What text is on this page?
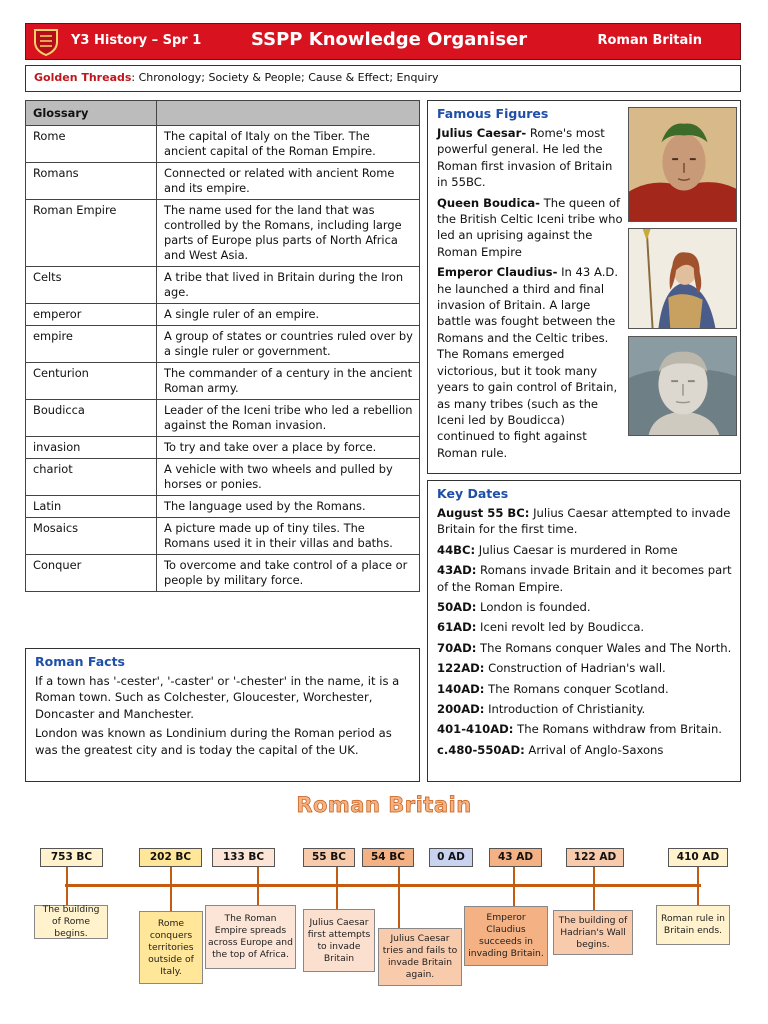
Y3 History – Spr 1	SSPP Knowledge Organiser	Roman Britain
Golden Threads: Chronology; Society & People; Cause & Effect; Enquiry
Glossary	
Rome	The capital of Italy on the Tiber. The ancient capital of the Roman Empire.
Romans	Connected or related with ancient Rome and its empire.
Roman Empire	The name used for the land that was controlled by the Romans, including large parts of Europe plus parts of North Africa and West Asia.
Celts	A tribe that lived in Britain during the Iron age.
emperor	A single ruler of an empire.
empire	A group of states or countries ruled over by a single ruler or government.
Centurion	The commander of a century in the ancient Roman army.
Boudicca	Leader of the Iceni tribe who led a rebellion against the Roman invasion.
invasion	To try and take over a place by force.
chariot	A vehicle with two wheels and pulled by horses or ponies.
Latin	The language used by the Romans.
Mosaics	A picture made up of tiny tiles. The Romans used it in their villas and baths.
Conquer	To overcome and take control of a place or people by military force.
Famous Figures

Julius Caesar- Rome's most powerful general. He led the Roman first invasion of Britain in 55BC.

Queen Boudica- The queen of the British Celtic Iceni tribe who led an uprising against the Roman Empire

Emperor Claudius- In 43 A.D. he launched a third and final invasion of Britain. A large battle was fought between the Romans and the Celtic tribes. The Romans emerged victorious, but it took many years to gain control of Britain, as many tribes (such as the Iceni led by Boudicca) continued to fight against Roman rule.

Roman Facts

If a town has '-cester', '-caster' or '-chester' in the name, it is a Roman town. Such as Colchester, Gloucester, Worchester, Doncaster and Manchester.

London was known as Londinium during the Roman period as was the greatest city and is today the capital of the UK.

Key Dates

August 55 BC: Julius Caesar attempted to invade Britain for the first time.

44BC: Julius Caesar is murdered in Rome

43AD: Romans invade Britain and it becomes part of the Roman Empire.

50AD: London is founded.

61AD: Iceni revolt led by Boudicca.

70AD: The Romans conquer Wales and The North.

122AD: Construction of Hadrian's wall.

140AD: The Romans conquer Scotland.

200AD: Introduction of Christianity.

401-410AD: The Romans withdraw from Britain.

c.480-550AD: Arrival of Anglo-Saxons

Roman Britain
753 BC	202 BC	133 BC	55 BC	54 BC	0 AD	43 AD	122 AD	410 AD
The building of Rome begins.
Rome conquers territories outside of Italy.
The Roman Empire spreads across Europe and the top of Africa.
Julius Caesar first attempts to invade Britain
Julius Caesar tries and fails to invade Britain again.
Emperor Claudius succeeds in invading Britain.
The building of Hadrian's Wall begins.
Roman rule in Britain ends.
